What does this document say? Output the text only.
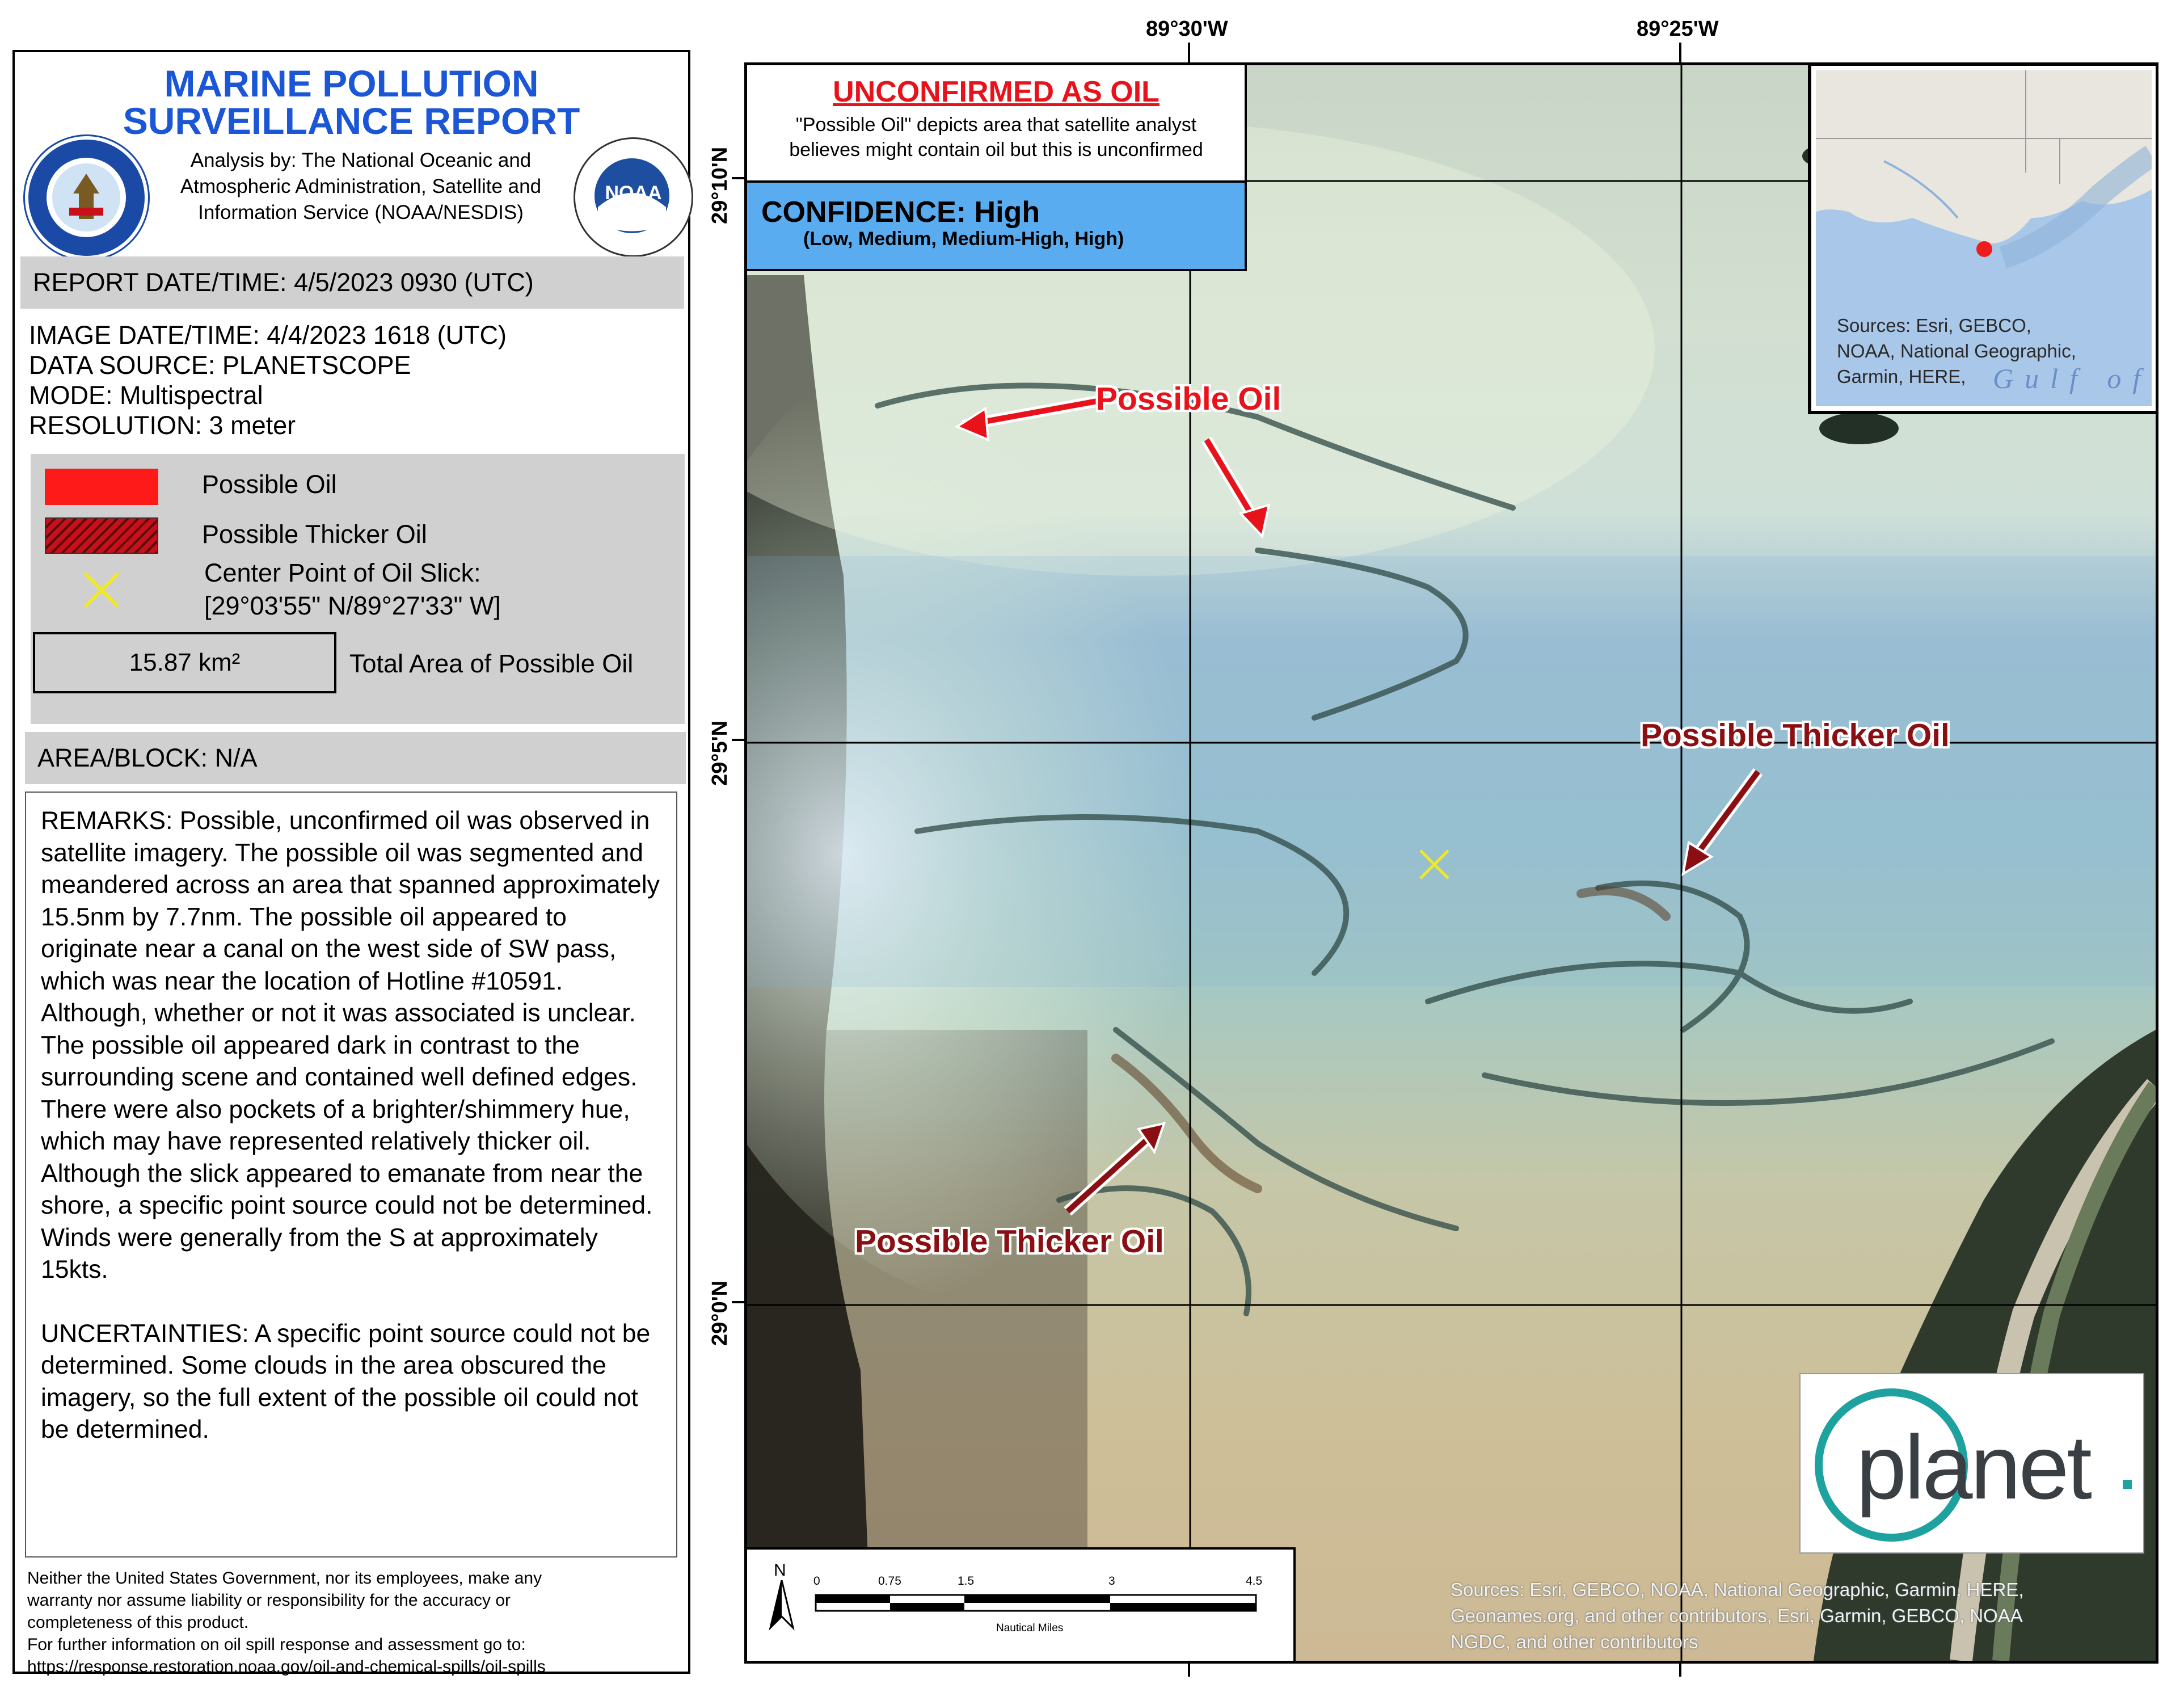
MARINE POLLUTION
SURVEILLANCE REPORT
Analysis by: The National Oceanic and
Atmospheric Administration, Satellite and
Information Service (NOAA/NESDIS)
NOAA
REPORT DATE/TIME: 4/5/2023 0930 (UTC)
IMAGE DATE/TIME: 4/4/2023 1618 (UTC)
DATA SOURCE: PLANETSCOPE
MODE: Multispectral
RESOLUTION: 3 meter
Possible Oil
Possible Thicker Oil
Center Point of Oil Slick:
[29°03'55" N/89°27'33" W]
15.87 km²	Total Area of Possible Oil
AREA/BLOCK: N/A
REMARKS: Possible, unconfirmed oil was observed in satellite imagery. The possible oil was segmented and meandered across an area that spanned approximately 15.5nm by 7.7nm. The possible oil appeared to originate near a canal on the west side of SW pass, which was near the location of Hotline #10591. Although, whether or not it was associated is unclear. The possible oil appeared dark in contrast to the surrounding scene and contained well defined edges. There were also pockets of a brighter/shimmery hue, which may have represented relatively thicker oil. Although the slick appeared to emanate from near the shore, a specific point source could not be determined. Winds were generally from the S at approximately 15kts.
UNCERTAINTIES: A specific point source could not be determined. Some clouds in the area obscured the imagery, so the full extent of the possible oil could not be determined.
Neither the United States Government, nor its employees, make any
warranty nor assume liability or responsibility for the accuracy or
completeness of this product.
For further information on oil spill response and assessment go to:
https://response.restoration.noaa.gov/oil-and-chemical-spills/oil-spills
89°30'W	89°25'W
29°10'N
29°5'N
29°0'N
UNCONFIRMED AS OIL
"Possible Oil" depicts area that satellite analyst
believes might contain oil but this is unconfirmed
CONFIDENCE: High
(Low, Medium, Medium-High, High)
Possible Oil
Possible Thicker Oil
Possible Thicker Oil
Sources: Esri, GEBCO,
NOAA, National Geographic,
Garmin, HERE, Gulf of
N
0	0.75	1.5	3	4.5
Nautical Miles
planet
Sources: Esri, GEBCO, NOAA, National Geographic, Garmin, HERE,
Geonames.org, and other contributors, Esri, Garmin, GEBCO, NOAA
NGDC, and other contributors
